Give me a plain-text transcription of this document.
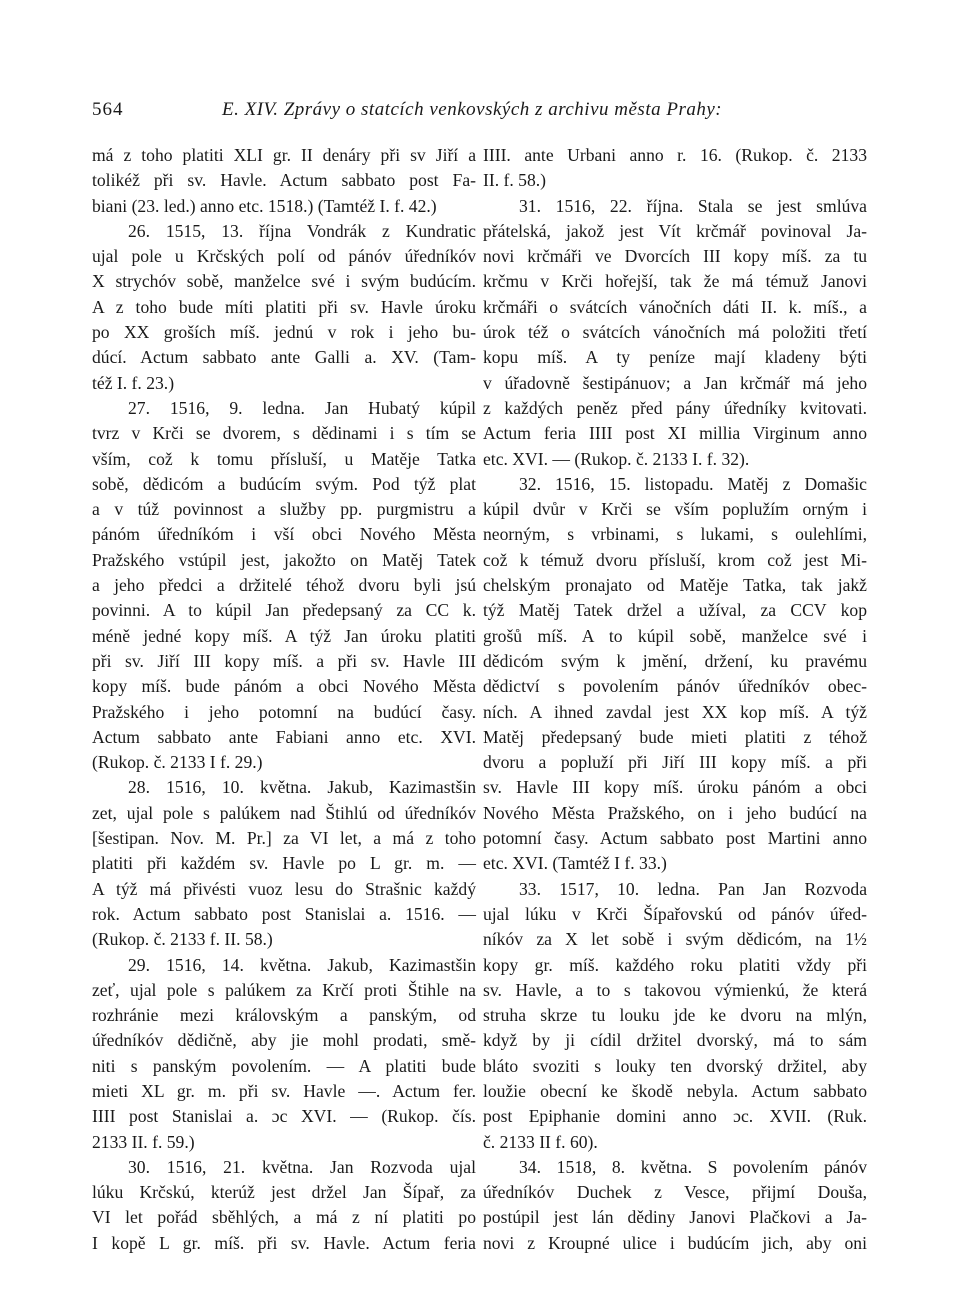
564	E. XIV. Zprávy o statcích venkovských z archivu města Prahy:

má z toho platiti XLI gr. II denáry při sv Jiří a

tolikéž při sv. Havle. Actum sabbato post Fa-

biani (23. led.) anno etc. 1518.) (Tamtéž I. f. 42.)

26. 1515, 13. října Vondrák z Kundratic

ujal pole u Krčských polí od pánóv úředníkóv

X strychóv sobě, manželce své i svým budúcím.

A z toho bude míti platiti při sv. Havle úroku

po XX groších míš. jednú v rok i jeho bu-

dúcí. Actum sabbato ante Galli a. XV. (Tam-

též I. f. 23.)

27. 1516, 9. ledna. Jan Hubatý kúpil

tvrz v Krči se dvorem, s dědinami i s tím se

vším, což k tomu přísluší, u Matěje Tatka

sobě, dědicóm a budúcím svým. Pod týž plat

a v túž povinnost a služby pp. purgmistru a

pánóm úředníkóm i vší obci Nového Města

Pražského vstúpil jest, jakožto on Matěj Tatek

a jeho předci a držitelé téhož dvoru byli jsú

povinni. A to kúpil Jan předepsaný za CC k.

méně jedné kopy míš. A týž Jan úroku platiti

při sv. Jiří III kopy míš. a při sv. Havle III

kopy míš. bude pánóm a obci Nového Města

Pražského i jeho potomní na budúcí časy.

Actum sabbato ante Fabiani anno etc. XVI.

(Rukop. č. 2133 I f. 29.)

28. 1516, 10. května. Jakub, Kazimastšin

zet, ujal pole s palúkem nad Štihlú od úředníkóv

[šestipan. Nov. M. Pr.] za VI let, a má z toho

platiti při každém sv. Havle po L gr. m. —

A týž má přivésti vuoz lesu do Strašnic každý

rok. Actum sabbato post Stanislai a. 1516. —

(Rukop. č. 2133 f. II. 58.)

29. 1516, 14. května. Jakub, Kazimastšin

zeť, ujal pole s palúkem za Krčí proti Štihle na

rozhránie mezi královským a panským, od

úředníkóv dědičně, aby jie mohl prodati, smě-

niti s panským povolením. — A platiti bude

mieti XL gr. m. při sv. Havle —. Actum fer.

IIII post Stanislai a. ɔc XVI. — (Rukop. čís.

2133 II. f. 59.)

30. 1516, 21. května. Jan Rozvoda ujal

lúku Krčskú, kterúž jest držel Jan Šípař, za

VI let pořád sběhlých, a má z ní platiti po

I kopě L gr. míš. při sv. Havle. Actum feria

IIII. ante Urbani anno r. 16. (Rukop. č. 2133

II. f. 58.)

31. 1516, 22. října. Stala se jest smlúva

přátelská, jakož jest Vít krčmář povinoval Ja-

novi krčmáři ve Dvorcích III kopy míš. za tu

krčmu v Krči hořejší, tak že má témuž Janovi

krčmáři o svátcích vánočních dáti II. k. míš., a

úrok též o svátcích vánočních má položiti třetí

kopu míš. A ty peníze mají kladeny býti

v úřadovně šestipánuov; a Jan krčmář má jeho

z každých peněz před pány úředníky kvitovati.

Actum feria IIII post XI millia Virginum anno

etc. XVI. — (Rukop. č. 2133 I. f. 32).

32. 1516, 15. listopadu. Matěj z Domašic

kúpil dvůr v Krči se vším poplužím orným i

neorným, s vrbinami, s lukami, s oulehlími,

což k témuž dvoru přísluší, krom což jest Mi-

chelským pronajato od Matěje Tatka, tak jakž

týž Matěj Tatek držel a užíval, za CCV kop

grošů míš. A to kúpil sobě, manželce své i

dědicóm svým k jmění, držení, ku pravému

dědictví s povolením pánóv úředníkóv obec-

ních. A ihned zavdal jest XX kop míš. A týž

Matěj předepsaný bude mieti platiti z téhož

dvoru a popluží při Jiří III kopy míš. a při

sv. Havle III kopy míš. úroku pánóm a obci

Nového Města Pražského, on i jeho budúcí na

potomní časy. Actum sabbato post Martini anno

etc. XVI. (Tamtéž I f. 33.)

33. 1517, 10. ledna. Pan Jan Rozvoda

ujal lúku v Krči Šípařovskú od pánóv úřed-

níkóv za X let sobě i svým dědicóm, na 1½

kopy gr. míš. každého roku platiti vždy při

sv. Havle, a to s takovou výmienkú, že která

struha skrze tu louku jde ke dvoru na mlýn,

když by ji cídil držitel dvorský, má to sám

bláto svoziti s louky ten dvorský držitel, aby

loužie obecní ke škodě nebyla. Actum sabbato

post Epiphanie domini anno ɔc. XVII. (Ruk.

č. 2133 II f. 60).

34. 1518, 8. května. S povolením pánóv

úředníkóv Duchek z Vesce, přijmí Douša,

postúpil jest lán dědiny Janovi Plačkovi a Ja-

novi z Kroupné ulice i budúcím jich, aby oni
